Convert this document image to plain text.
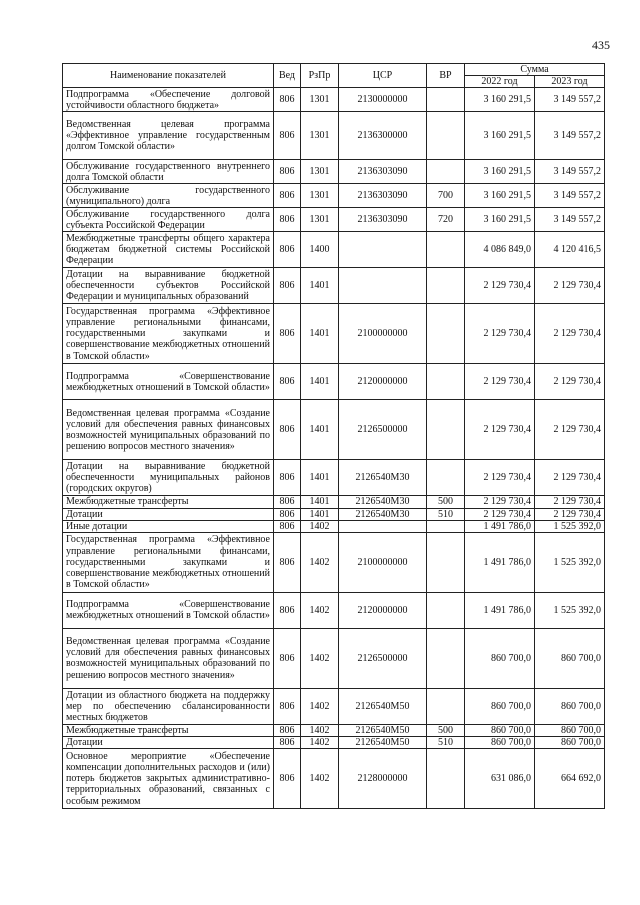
435
Наименование показателей	Вед	РзПр	ЦСР	ВР	Сумма	
					2022 год	2023 год
Подпрограмма «Обеспечение долговой устойчивости областного бюджета»	806	1301	2130000000		3 160 291,5	3 149 557,2
Ведомственная целевая программа «Эффективное управление государственным долгом Томской области»	806	1301	2136300000		3 160 291,5	3 149 557,2
Обслуживание государственного внутреннего долга Томской области	806	1301	2136303090		3 160 291,5	3 149 557,2
Обслуживание государственного (муниципального) долга	806	1301	2136303090	700	3 160 291,5	3 149 557,2
Обслуживание государственного долга субъекта Российской Федерации	806	1301	2136303090	720	3 160 291,5	3 149 557,2
Межбюджетные трансферты общего характера бюджетам бюджетной системы Российской Федерации	806	1400			4 086 849,0	4 120 416,5
Дотации на выравнивание бюджетной обеспеченности субъектов Российской Федерации и муниципальных образований	806	1401			2 129 730,4	2 129 730,4
Государственная программа «Эффективное управление региональными финансами, государственными закупками и совершенствование межбюджетных отношений в Томской области»	806	1401	2100000000		2 129 730,4	2 129 730,4
Подпрограмма «Совершенствование межбюджетных отношений в Томской области»	806	1401	2120000000		2 129 730,4	2 129 730,4
Ведомственная целевая программа «Создание условий для обеспечения равных финансовых возможностей муниципальных образований по решению вопросов местного значения»	806	1401	2126500000		2 129 730,4	2 129 730,4
Дотации на выравнивание бюджетной обеспеченности муниципальных районов (городских округов)	806	1401	2126540М30		2 129 730,4	2 129 730,4
Межбюджетные трансферты	806	1401	2126540М30	500	2 129 730,4	2 129 730,4
Дотации	806	1401	2126540М30	510	2 129 730,4	2 129 730,4
Иные дотации	806	1402			1 491 786,0	1 525 392,0
Государственная программа «Эффективное управление региональными финансами, государственными закупками и совершенствование межбюджетных отношений в Томской области»	806	1402	2100000000		1 491 786,0	1 525 392,0
Подпрограмма «Совершенствование межбюджетных отношений в Томской области»	806	1402	2120000000		1 491 786,0	1 525 392,0
Ведомственная целевая программа «Создание условий для обеспечения равных финансовых возможностей муниципальных образований по решению вопросов местного значения»	806	1402	2126500000		860 700,0	860 700,0
Дотации из областного бюджета на поддержку мер по обеспечению сбалансированности местных бюджетов	806	1402	2126540М50		860 700,0	860 700,0
Межбюджетные трансферты	806	1402	2126540М50	500	860 700,0	860 700,0
Дотации	806	1402	2126540М50	510	860 700,0	860 700,0
Основное мероприятие «Обеспечение компенсации дополнительных расходов и (или) потерь бюджетов закрытых административно-территориальных образований, связанных с особым режимом	806	1402	2128000000		631 086,0	664 692,0
